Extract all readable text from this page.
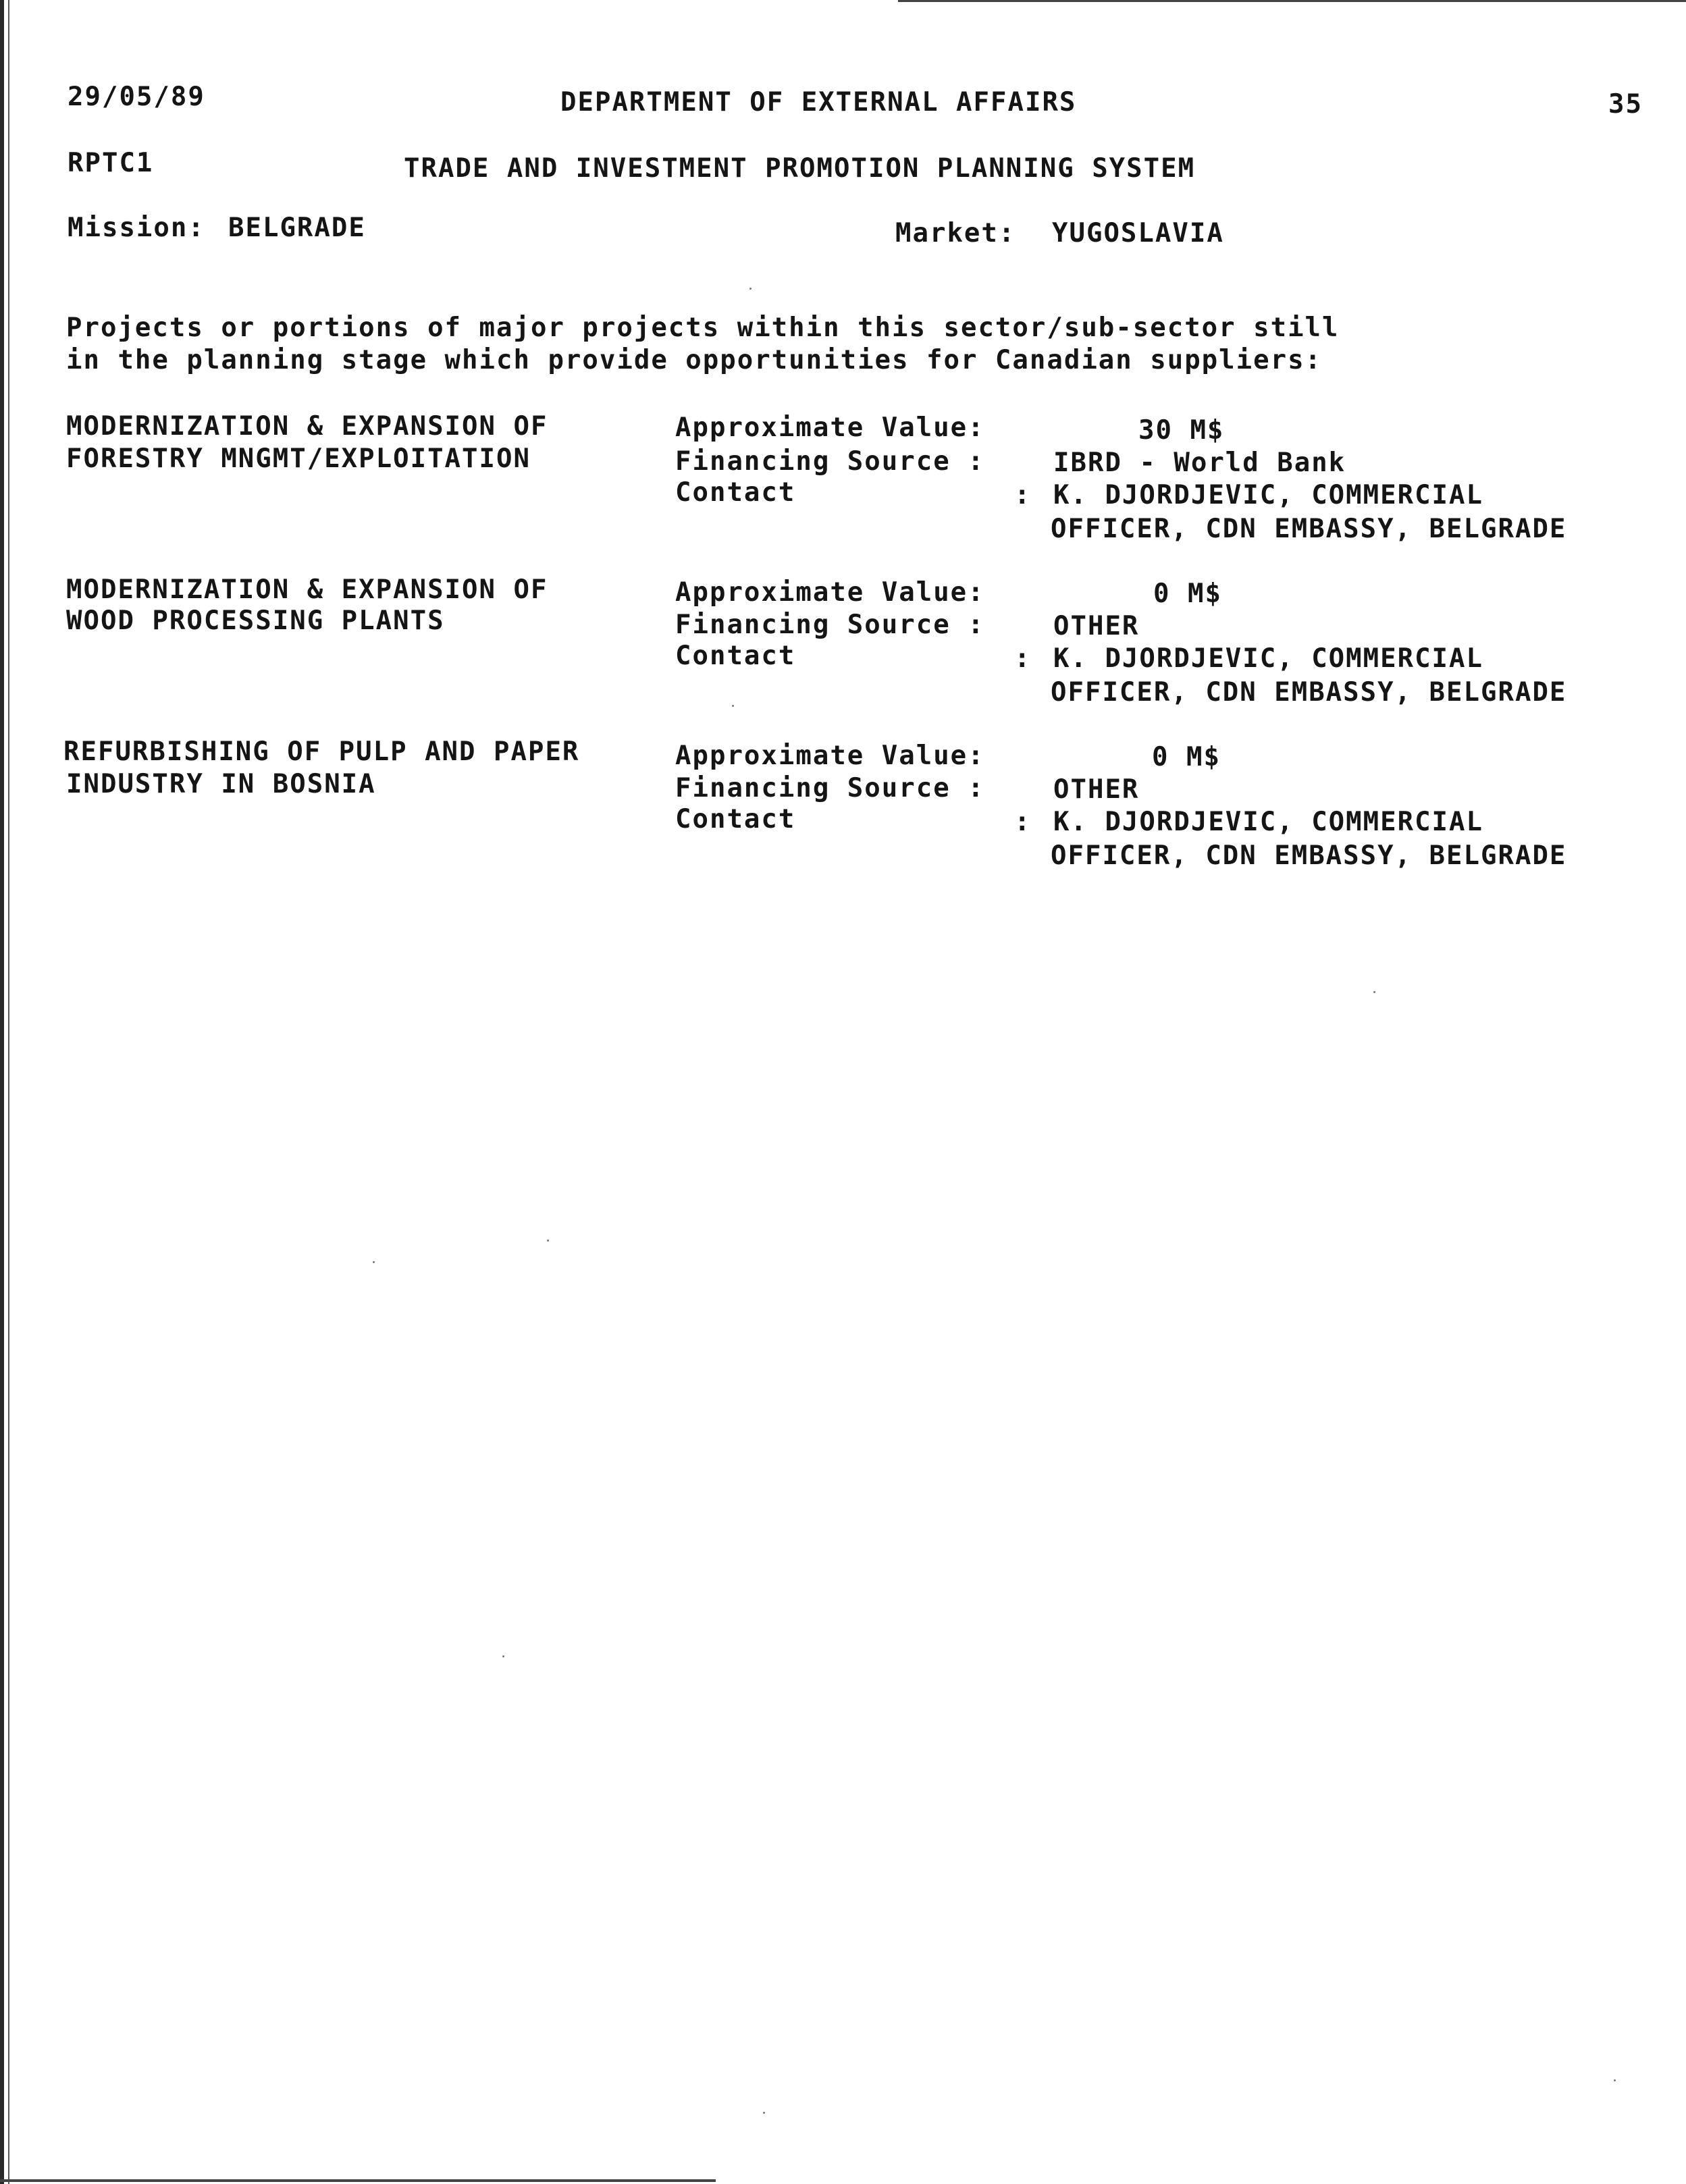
29/05/89	DEPARTMENT OF EXTERNAL AFFAIRS	35
RPTC1	TRADE AND INVESTMENT PROMOTION PLANNING SYSTEM
Mission: BELGRADE	Market: YUGOSLAVIA
Projects or portions of major projects within this sector/sub-sector still
in the planning stage which provide opportunities for Canadian suppliers:
MODERNIZATION & EXPANSION OF
FORESTRY MNGMT/EXPLOITATION
Approximate Value:	30 M$
Financing Source :	IBRD - World Bank
Contact	: K. DJORDJEVIC, COMMERCIAL
OFFICER, CDN EMBASSY, BELGRADE
MODERNIZATION & EXPANSION OF
WOOD PROCESSING PLANTS
Approximate Value:	0 M$
Financing Source :	OTHER
Contact	: K. DJORDJEVIC, COMMERCIAL
OFFICER, CDN EMBASSY, BELGRADE
REFURBISHING OF PULP AND PAPER
INDUSTRY IN BOSNIA
Approximate Value:	0 M$
Financing Source :	OTHER
Contact	: K. DJORDJEVIC, COMMERCIAL
OFFICER, CDN EMBASSY, BELGRADE
